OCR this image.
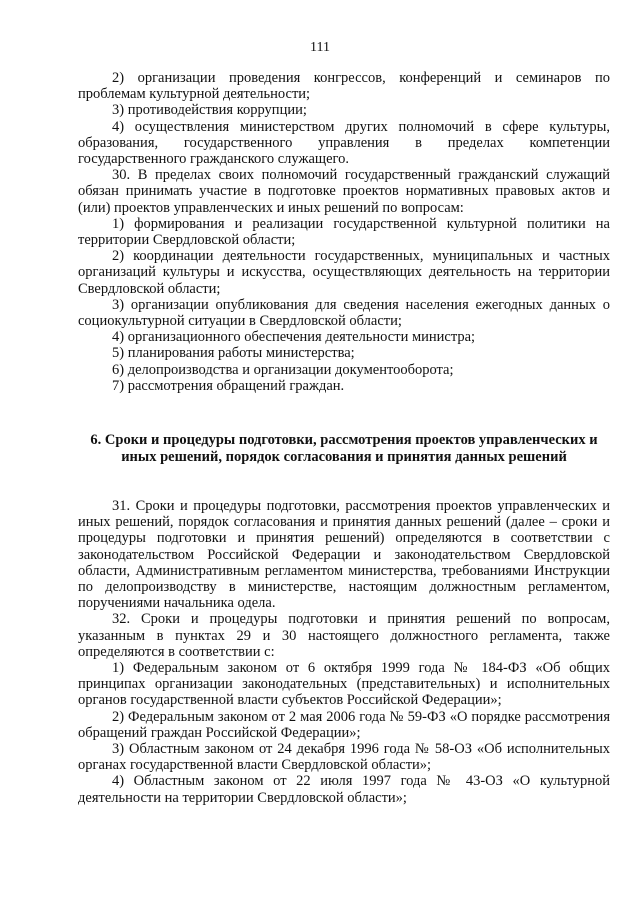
111

2) организации проведения конгрессов, конференций и семинаров по проблемам культурной деятельности;

3) противодействия коррупции;

4) осуществления министерством других полномочий в сфере культуры, образования, государственного управления в пределах компетенции государственного гражданского служащего.

30. В пределах своих полномочий государственный гражданский служащий обязан принимать участие в подготовке проектов нормативных правовых актов и (или) проектов управленческих и иных решений по вопросам:

1) формирования и реализации государственной культурной политики на территории Свердловской области;

2) координации деятельности государственных, муниципальных и частных организаций культуры и искусства, осуществляющих деятельность на территории Свердловской области;

3) организации опубликования для сведения населения ежегодных данных о социокультурной ситуации в Свердловской области;

4) организационного обеспечения деятельности министра;

5) планирования работы министерства;

6) делопроизводства и организации документооборота;

7) рассмотрения обращений граждан.

6. Сроки и процедуры подготовки, рассмотрения проектов управленческих и иных решений, порядок согласования и принятия данных решений

31. Сроки и процедуры подготовки, рассмотрения проектов управленческих и иных решений, порядок согласования и принятия данных решений (далее – сроки и процедуры подготовки и принятия решений) определяются в соответствии с законодательством Российской Федерации и законодательством Свердловской области, Административным регламентом министерства, требованиями Инструкции по делопроизводству в министерстве, настоящим должностным регламентом, поручениями начальника одела.

32. Сроки и процедуры подготовки и принятия решений по вопросам, указанным в пунктах 29 и 30 настоящего должностного регламента, также определяются в соответствии с:

1) Федеральным законом от 6 октября 1999 года № 184-ФЗ «Об общих принципах организации законодательных (представительных) и исполнительных органов государственной власти субъектов Российской Федерации»;

2) Федеральным законом от 2 мая 2006 года № 59-ФЗ «О порядке рассмотрения обращений граждан Российской Федерации»;

3) Областным законом от 24 декабря 1996 года № 58-ОЗ «Об исполнительных органах государственной власти Свердловской области»;

4) Областным законом от 22 июля 1997 года № 43-ОЗ «О культурной деятельности на территории Свердловской области»;
